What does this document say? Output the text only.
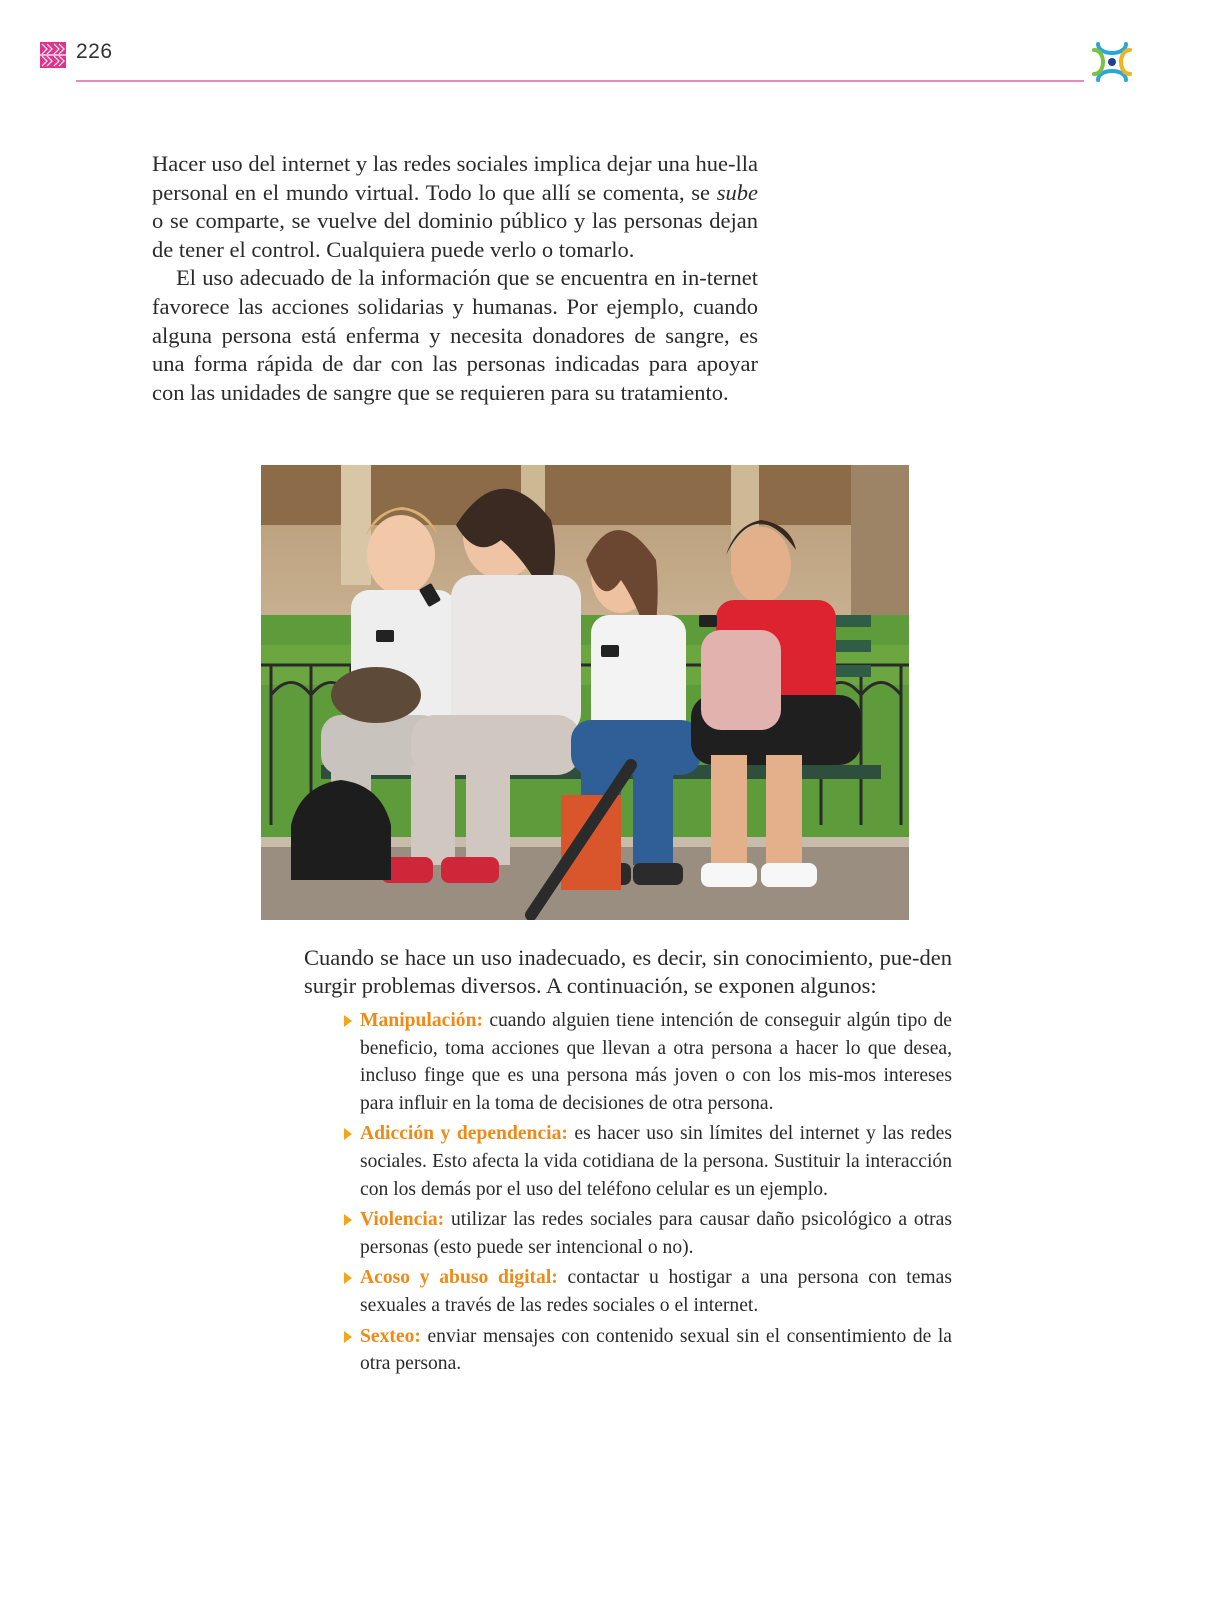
226

Hacer uso del internet y las redes sociales implica dejar una hue-lla personal en el mundo virtual. Todo lo que allí se comenta, se sube o se comparte, se vuelve del dominio público y las personas dejan de tener el control. Cualquiera puede verlo o tomarlo.

El uso adecuado de la información que se encuentra en in-ternet favorece las acciones solidarias y humanas. Por ejemplo, cuando alguna persona está enferma y necesita donadores de sangre, es una forma rápida de dar con las personas indicadas para apoyar con las unidades de sangre que se requieren para su tratamiento.

Cuando se hace un uso inadecuado, es decir, sin conocimiento, pue-den surgir problemas diversos. A continuación, se exponen algunos:

Manipulación: cuando alguien tiene intención de conseguir algún tipo de beneficio, toma acciones que llevan a otra persona a hacer lo que desea, incluso finge que es una persona más joven o con los mis-mos intereses para influir en la toma de decisiones de otra persona.
Adicción y dependencia: es hacer uso sin límites del internet y las redes sociales. Esto afecta la vida cotidiana de la persona. Sustituir la interacción con los demás por el uso del teléfono celular es un ejemplo.
Violencia: utilizar las redes sociales para causar daño psicológico a otras personas (esto puede ser intencional o no).
Acoso y abuso digital: contactar u hostigar a una persona con temas sexuales a través de las redes sociales o el internet.
Sexteo: enviar mensajes con contenido sexual sin el consentimiento de la otra persona.
